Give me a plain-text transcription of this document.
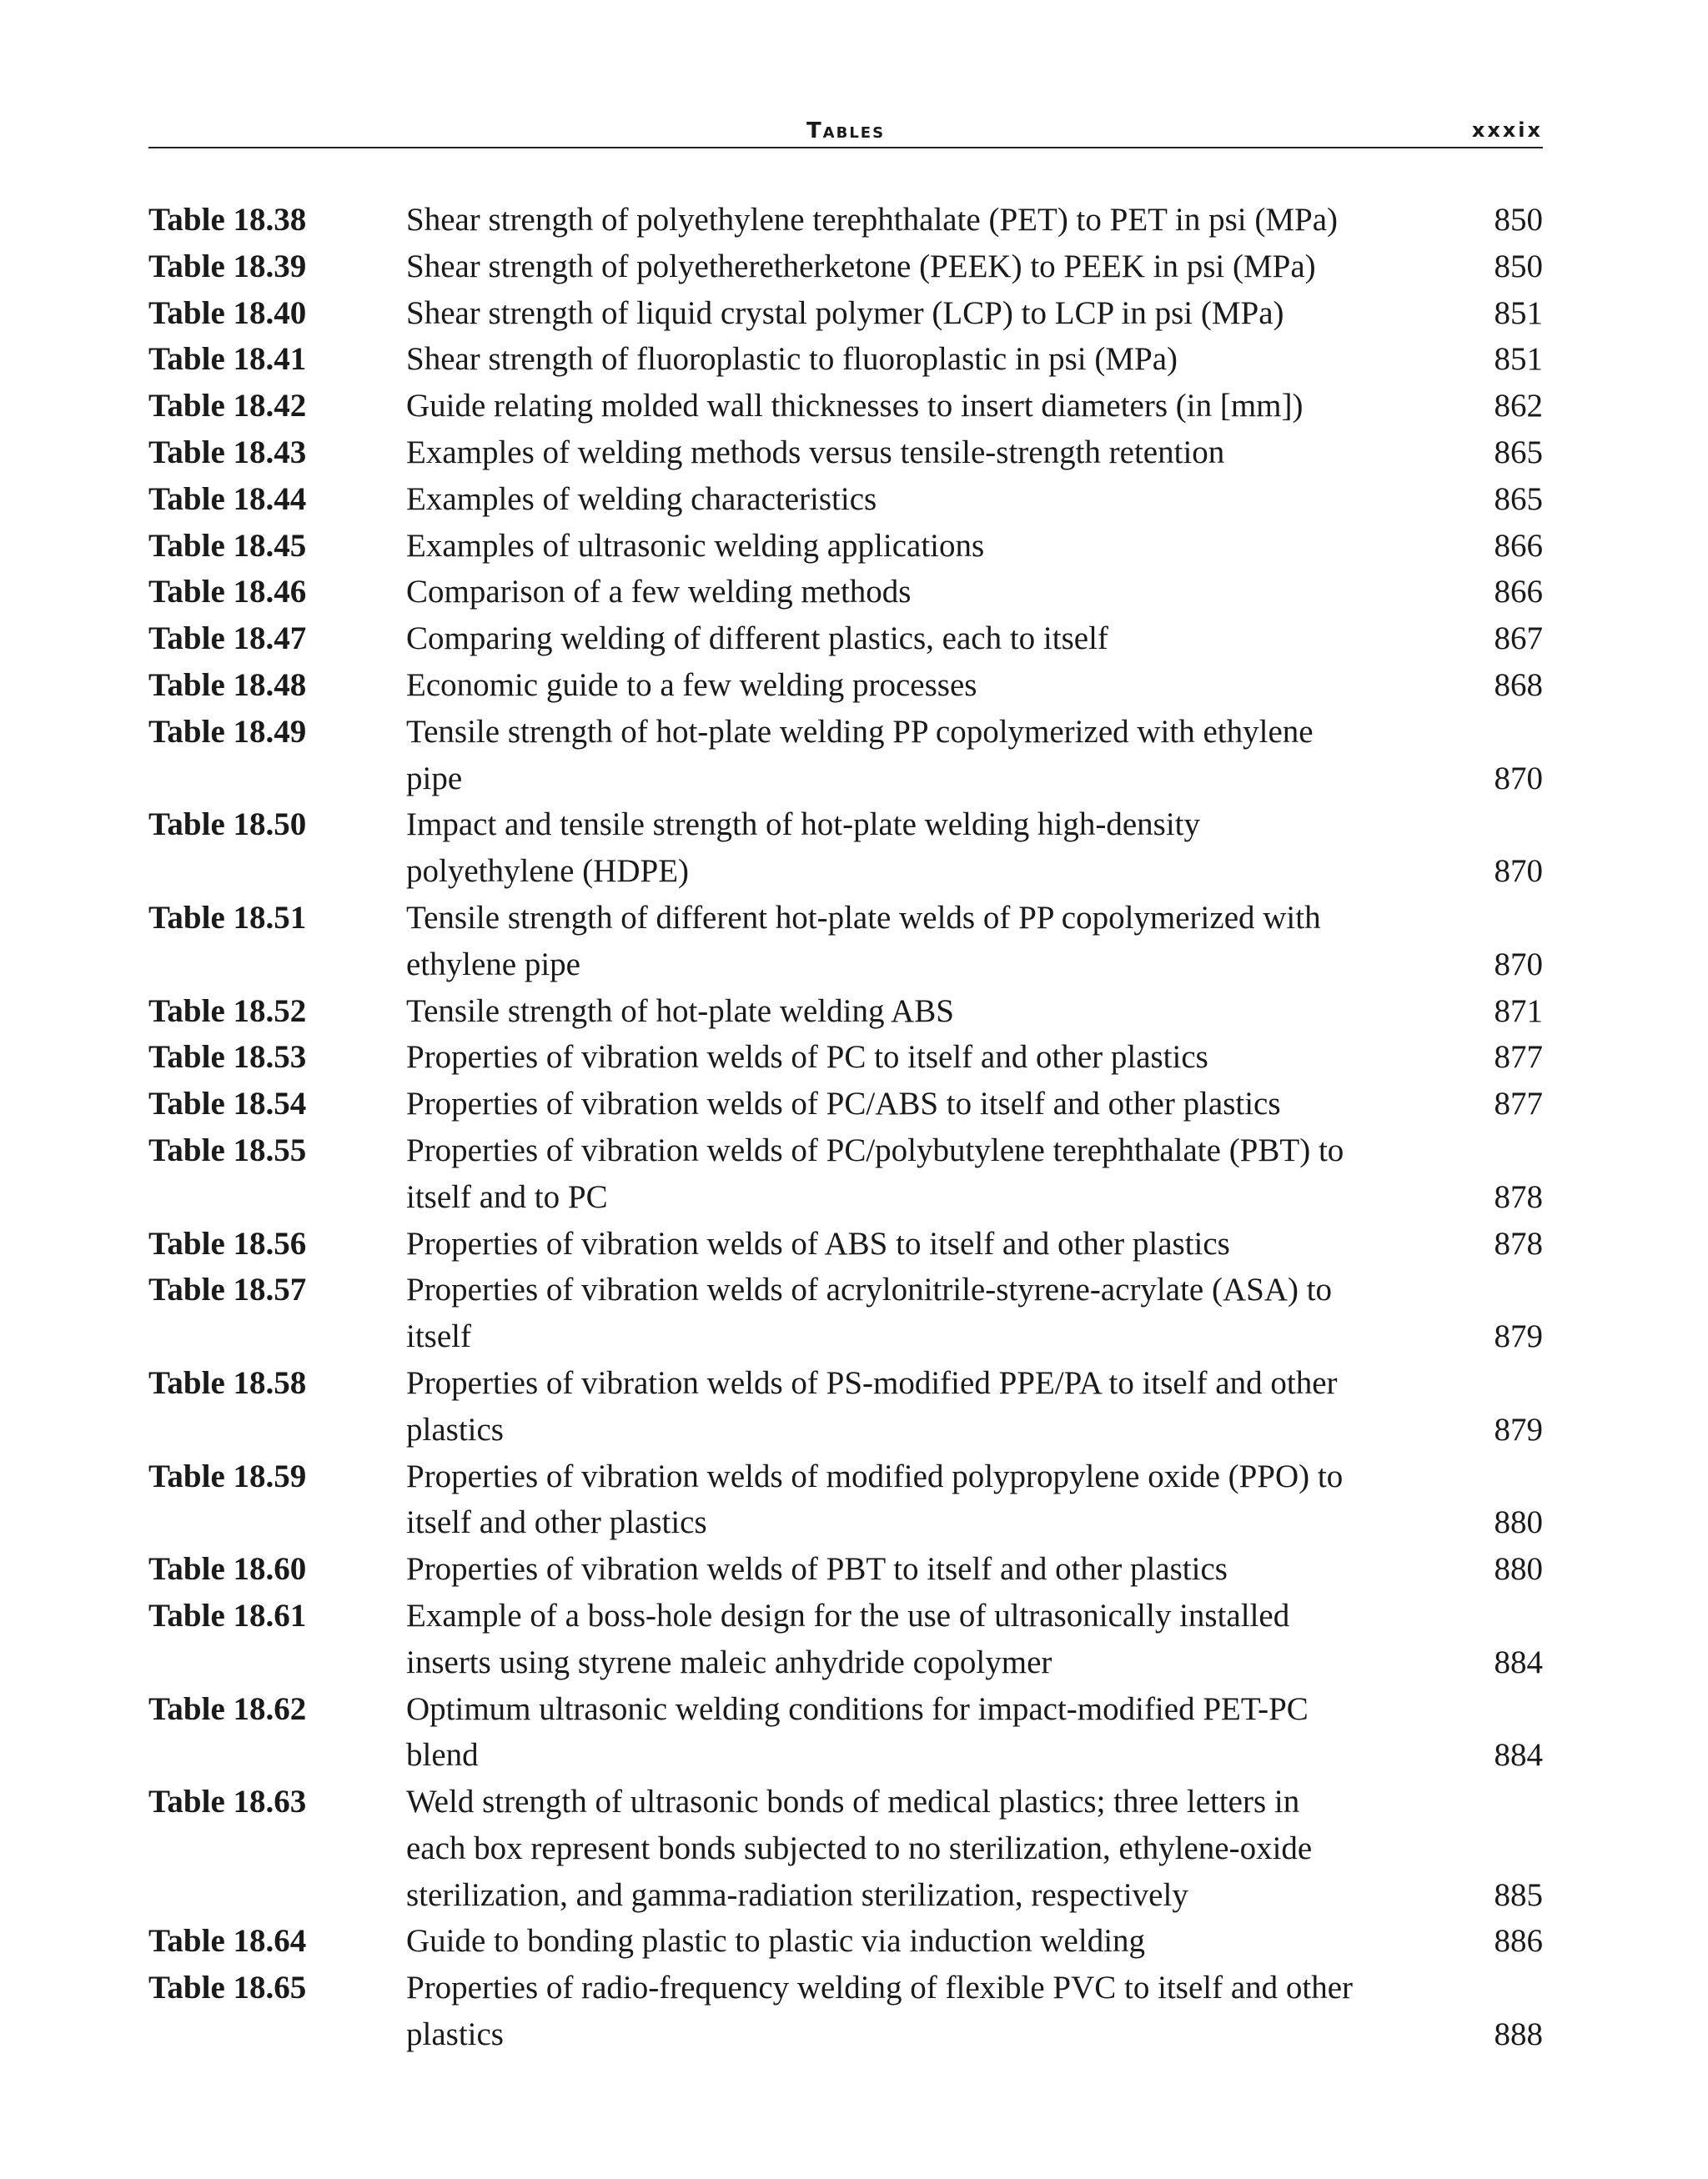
Tables	xxxix
Table 18.38	Shear strength of polyethylene terephthalate (PET) to PET in psi (MPa)	850
Table 18.39	Shear strength of polyetheretherketone (PEEK) to PEEK in psi (MPa)	850
Table 18.40	Shear strength of liquid crystal polymer (LCP) to LCP in psi (MPa)	851
Table 18.41	Shear strength of fluoroplastic to fluoroplastic in psi (MPa)	851
Table 18.42	Guide relating molded wall thicknesses to insert diameters (in [mm])	862
Table 18.43	Examples of welding methods versus tensile-strength retention	865
Table 18.44	Examples of welding characteristics	865
Table 18.45	Examples of ultrasonic welding applications	866
Table 18.46	Comparison of a few welding methods	866
Table 18.47	Comparing welding of different plastics, each to itself	867
Table 18.48	Economic guide to a few welding processes	868
Table 18.49	Tensile strength of hot-plate welding PP copolymerized with ethylene
pipe	870
Table 18.50	Impact and tensile strength of hot-plate welding high-density
polyethylene (HDPE)	870
Table 18.51	Tensile strength of different hot-plate welds of PP copolymerized with
ethylene pipe	870
Table 18.52	Tensile strength of hot-plate welding ABS	871
Table 18.53	Properties of vibration welds of PC to itself and other plastics	877
Table 18.54	Properties of vibration welds of PC/ABS to itself and other plastics	877
Table 18.55	Properties of vibration welds of PC/polybutylene terephthalate (PBT) to
itself and to PC	878
Table 18.56	Properties of vibration welds of ABS to itself and other plastics	878
Table 18.57	Properties of vibration welds of acrylonitrile-styrene-acrylate (ASA) to
itself	879
Table 18.58	Properties of vibration welds of PS-modified PPE/PA to itself and other
plastics	879
Table 18.59	Properties of vibration welds of modified polypropylene oxide (PPO) to
itself and other plastics	880
Table 18.60	Properties of vibration welds of PBT to itself and other plastics	880
Table 18.61	Example of a boss-hole design for the use of ultrasonically installed
inserts using styrene maleic anhydride copolymer	884
Table 18.62	Optimum ultrasonic welding conditions for impact-modified PET-PC
blend	884
Table 18.63	Weld strength of ultrasonic bonds of medical plastics; three letters in
each box represent bonds subjected to no sterilization, ethylene-oxide
sterilization, and gamma-radiation sterilization, respectively	885
Table 18.64	Guide to bonding plastic to plastic via induction welding	886
Table 18.65	Properties of radio-frequency welding of flexible PVC to itself and other
plastics	888
